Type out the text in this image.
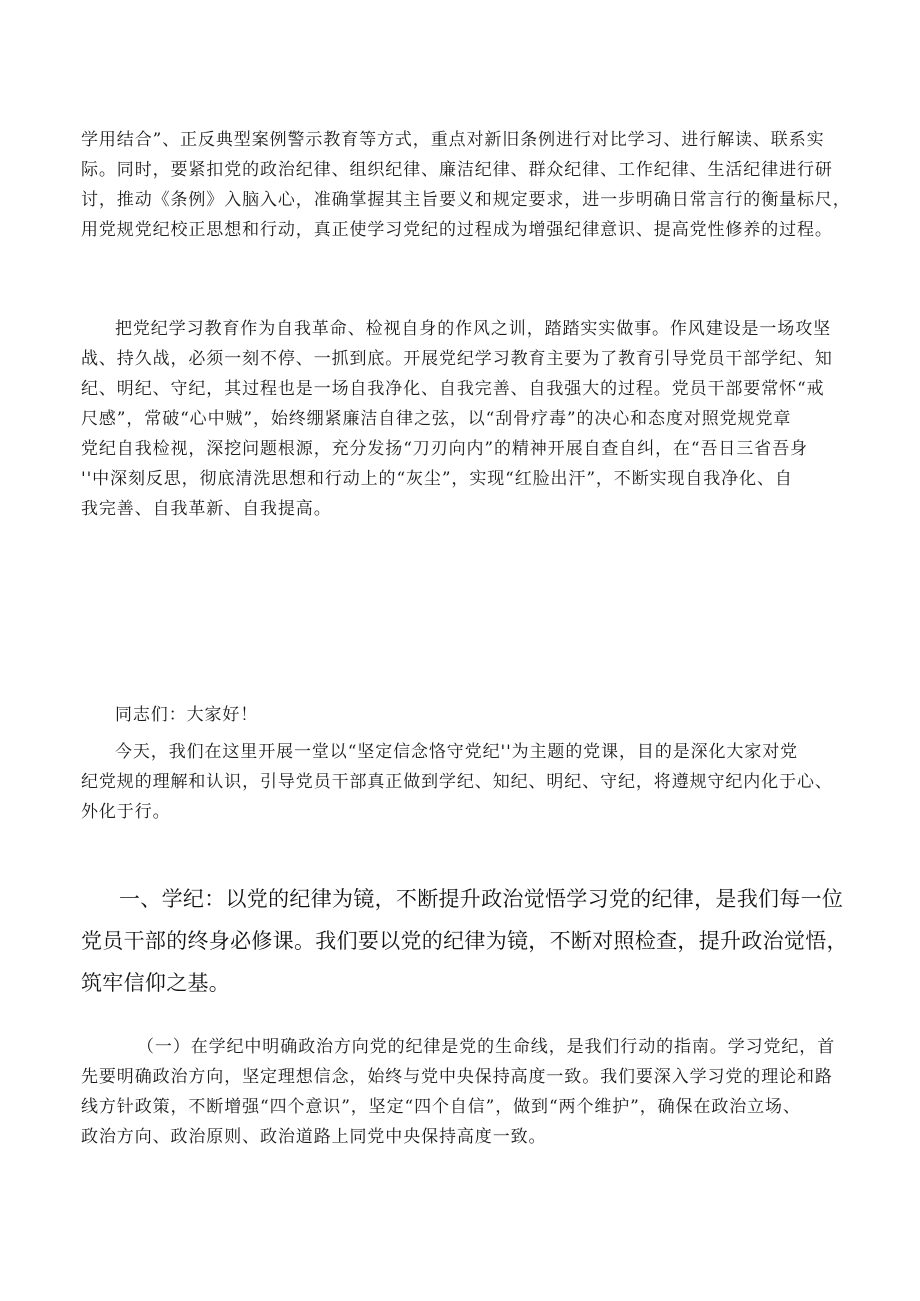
学用结合”、正反典型案例警示教育等方式，重点对新旧条例进行对比学习、进行解读、联系实
际。同时，要紧扣党的政治纪律、组织纪律、廉洁纪律、群众纪律、工作纪律、生活纪律进行研
讨，推动《条例》入脑入心，准确掌握其主旨要义和规定要求，进一步明确日常言行的衡量标尺，
用党规党纪校正思想和行动，真正使学习党纪的过程成为增强纪律意识、提高党性修养的过程。
把党纪学习教育作为自我革命、检视自身的作风之训，踏踏实实做事。作风建设是一场攻坚
战、持久战，必须一刻不停、一抓到底。开展党纪学习教育主要为了教育引导党员干部学纪、知
纪、明纪、守纪，其过程也是一场自我净化、自我完善、自我强大的过程。党员干部要常怀“戒
尺感”，常破“心中贼”，始终绷紧廉洁自律之弦，以“刮骨疗毒”的决心和态度对照党规党章
党纪自我检视，深挖问题根源，充分发扬“刀刃向内”的精神开展自查自纠，在“吾日三省吾身
''中深刻反思，彻底清洗思想和行动上的“灰尘”，实现“红脸出汗”，不断实现自我净化、自
我完善、自我革新、自我提高。
同志们：大家好！
今天，我们在这里开展一堂以“坚定信念恪守党纪''为主题的党课，目的是深化大家对党
纪党规的理解和认识，引导党员干部真正做到学纪、知纪、明纪、守纪，将遵规守纪内化于心、
外化于行。
一、学纪：以党的纪律为镜，不断提升政治觉悟学习党的纪律，是我们每一位
党员干部的终身必修课。我们要以党的纪律为镜，不断对照检查，提升政治觉悟，
筑牢信仰之基。
（一）在学纪中明确政治方向党的纪律是党的生命线，是我们行动的指南。学习党纪，首
先要明确政治方向，坚定理想信念，始终与党中央保持高度一致。我们要深入学习党的理论和路
线方针政策，不断增强“四个意识”，坚定“四个自信”，做到“两个维护”，确保在政治立场、
政治方向、政治原则、政治道路上同党中央保持高度一致。
